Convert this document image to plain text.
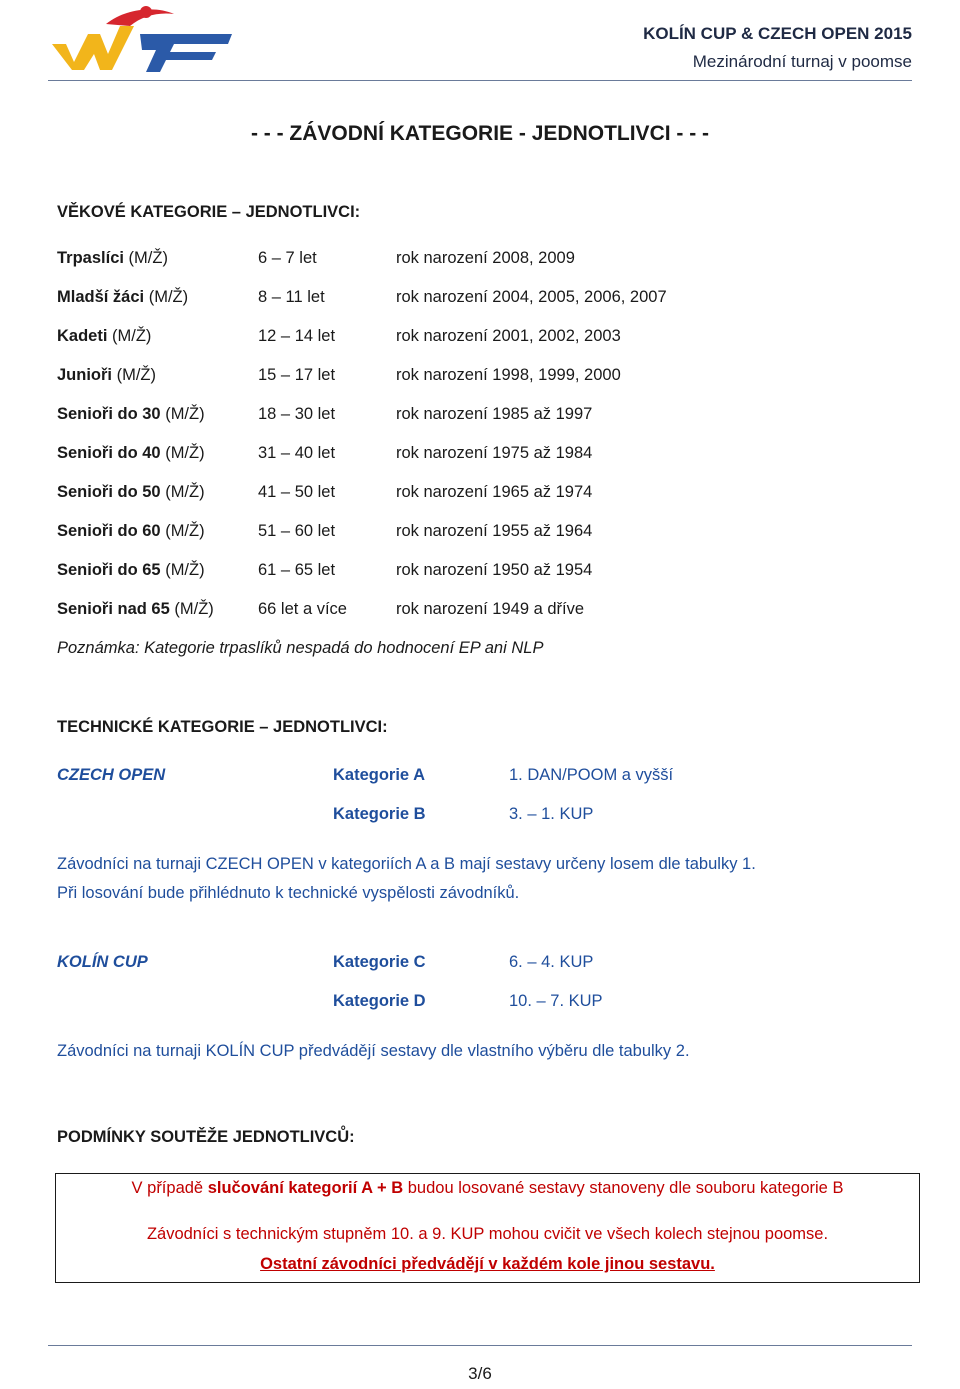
KOLÍN CUP & CZECH OPEN 2015
Mezinárodní turnaj v poomse
- - - ZÁVODNÍ KATEGORIE - JEDNOTLIVCI - - -
VĚKOVÉ KATEGORIE – JEDNOTLIVCI:
Trpaslíci (M/Ž)	6 – 7 let	rok narození 2008, 2009
Mladší žáci (M/Ž)	8 – 11 let	rok narození 2004, 2005, 2006, 2007
Kadeti (M/Ž)	12 – 14 let	rok narození 2001, 2002, 2003
Junioři (M/Ž)	15 – 17 let	rok narození 1998, 1999, 2000
Senioři do 30 (M/Ž)	18 – 30 let	rok narození 1985 až 1997
Senioři do 40 (M/Ž)	31 – 40 let	rok narození 1975 až 1984
Senioři do 50 (M/Ž)	41 – 50 let	rok narození 1965 až 1974
Senioři do 60 (M/Ž)	51 – 60 let	rok narození 1955 až 1964
Senioři do 65 (M/Ž)	61 – 65 let	rok narození 1950 až 1954
Senioři nad 65 (M/Ž)	66 let a více	rok narození 1949 a dříve
Poznámka: Kategorie trpaslíků nespadá do hodnocení EP ani NLP
TECHNICKÉ KATEGORIE – JEDNOTLIVCI:
CZECH OPEN	Kategorie A	1. DAN/POOM a vyšší
Kategorie B	3. – 1. KUP
Závodníci na turnaji CZECH OPEN v kategoriích A a B mají sestavy určeny losem dle tabulky 1.
Při losování bude přihlédnuto k technické vyspělosti závodníků.
KOLÍN CUP	Kategorie C	6. – 4. KUP
Kategorie D	10. – 7. KUP
Závodníci na turnaji KOLÍN CUP předvádějí sestavy dle vlastního výběru dle tabulky 2.
PODMÍNKY SOUTĚŽE JEDNOTLIVCŮ:
V případě slučování kategorií A + B budou losované sestavy stanoveny dle souboru kategorie B
Závodníci s technickým stupněm 10. a 9. KUP mohou cvičit ve všech kolech stejnou poomse.
Ostatní závodníci předvádějí v každém kole jinou sestavu.
3/6
